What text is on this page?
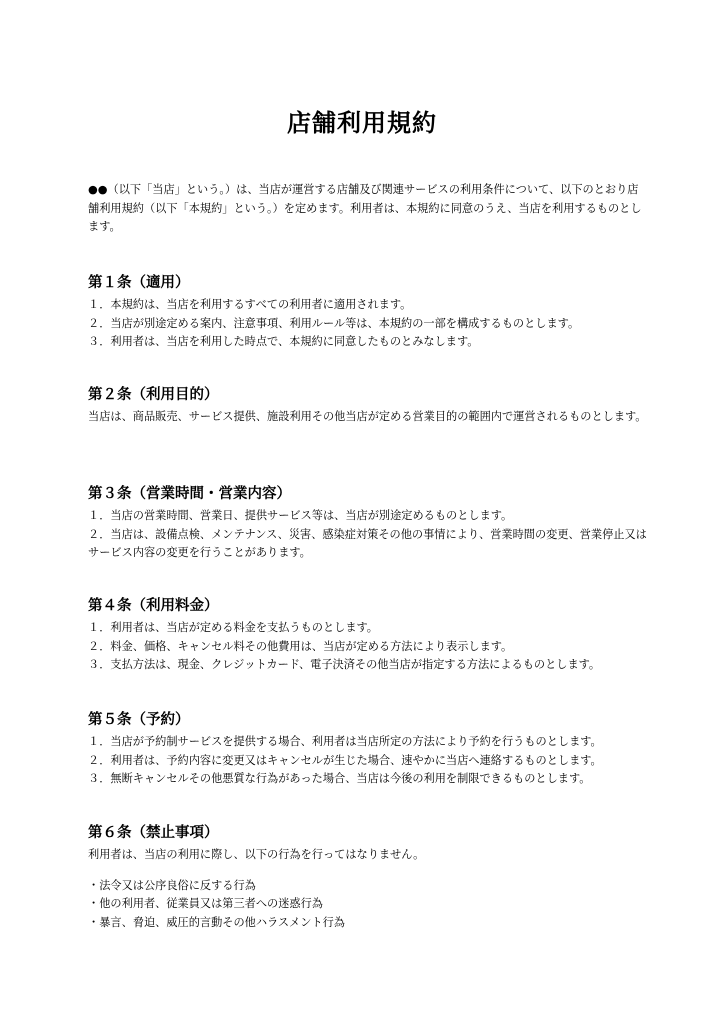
店舗利用規約

●●（以下「当店」という。）は、当店が運営する店舗及び関連サービスの利用条件について、以下のとおり店舗利用規約（以下「本規約」という。）を定めます。利用者は、本規約に同意のうえ、当店を利用するものとします。

第１条（適用）
１．本規約は、当店を利用するすべての利用者に適用されます。
２．当店が別途定める案内、注意事項、利用ルール等は、本規約の一部を構成するものとします。
３．利用者は、当店を利用した時点で、本規約に同意したものとみなします。
第２条（利用目的）

当店は、商品販売、サービス提供、施設利用その他当店が定める営業目的の範囲内で運営されるものとします。

第３条（営業時間・営業内容）
１．当店の営業時間、営業日、提供サービス等は、当店が別途定めるものとします。
２．当店は、設備点検、メンテナンス、災害、感染症対策その他の事情により、営業時間の変更、営業停止又はサービス内容の変更を行うことがあります。
第４条（利用料金）
１．利用者は、当店が定める料金を支払うものとします。
２．料金、価格、キャンセル料その他費用は、当店が定める方法により表示します。
３．支払方法は、現金、クレジットカード、電子決済その他当店が指定する方法によるものとします。
第５条（予約）
１．当店が予約制サービスを提供する場合、利用者は当店所定の方法により予約を行うものとします。
２．利用者は、予約内容に変更又はキャンセルが生じた場合、速やかに当店へ連絡するものとします。
３．無断キャンセルその他悪質な行為があった場合、当店は今後の利用を制限できるものとします。
第６条（禁止事項）

利用者は、当店の利用に際し、以下の行為を行ってはなりません。

・法令又は公序良俗に反する行為
・他の利用者、従業員又は第三者への迷惑行為
・暴言、脅迫、威圧的言動その他ハラスメント行為
